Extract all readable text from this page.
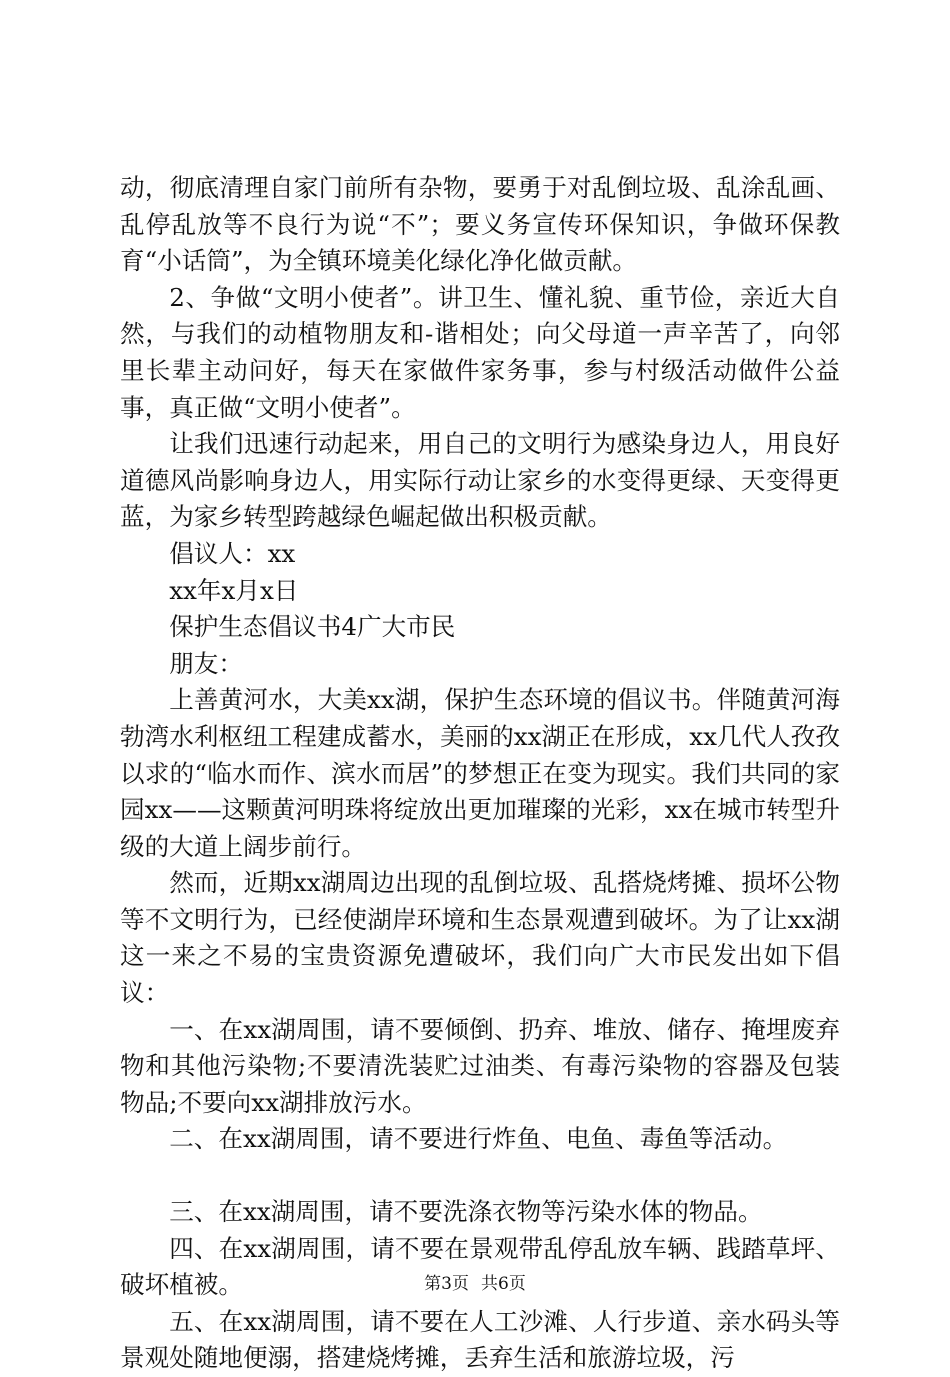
动，彻底清理自家门前所有杂物，要勇于对乱倒垃圾、乱涂乱画、乱停乱放等不良行为说“不”；要义务宣传环保知识，争做环保教育“小话筒”，为全镇环境美化绿化净化做贡献。

2、争做“文明小使者”。讲卫生、懂礼貌、重节俭，亲近大自然，与我们的动植物朋友和-谐相处；向父母道一声辛苦了，向邻里长辈主动问好，每天在家做件家务事，参与村级活动做件公益事，真正做“文明小使者”。

让我们迅速行动起来，用自己的文明行为感染身边人，用良好道德风尚影响身边人，用实际行动让家乡的水变得更绿、天变得更蓝，为家乡转型跨越绿色崛起做出积极贡献。

倡议人：xx

xx年x月x日

保护生态倡议书4广大市民

朋友：

上善黄河水，大美xx湖，保护生态环境的倡议书。伴随黄河海勃湾水利枢纽工程建成蓄水，美丽的xx湖正在形成，xx几代人孜孜以求的“临水而作、滨水而居”的梦想正在变为现实。我们共同的家园xx——这颗黄河明珠将绽放出更加璀璨的光彩，xx在城市转型升级的大道上阔步前行。

然而，近期xx湖周边出现的乱倒垃圾、乱搭烧烤摊、损坏公物等不文明行为，已经使湖岸环境和生态景观遭到破坏。为了让xx湖这一来之不易的宝贵资源免遭破坏，我们向广大市民发出如下倡议：

一、在xx湖周围，请不要倾倒、扔弃、堆放、储存、掩埋废弃物和其他污染物;不要清洗装贮过油类、有毒污染物的容器及包装物品;不要向xx湖排放污水。

二、在xx湖周围，请不要进行炸鱼、电鱼、毒鱼等活动。

三、在xx湖周围，请不要洗涤衣物等污染水体的物品。

四、在xx湖周围，请不要在景观带乱停乱放车辆、践踏草坪、破坏植被。

五、在xx湖周围，请不要在人工沙滩、人行步道、亲水码头等景观处随地便溺，搭建烧烤摊，丢弃生活和旅游垃圾，污

第3页 共6页
